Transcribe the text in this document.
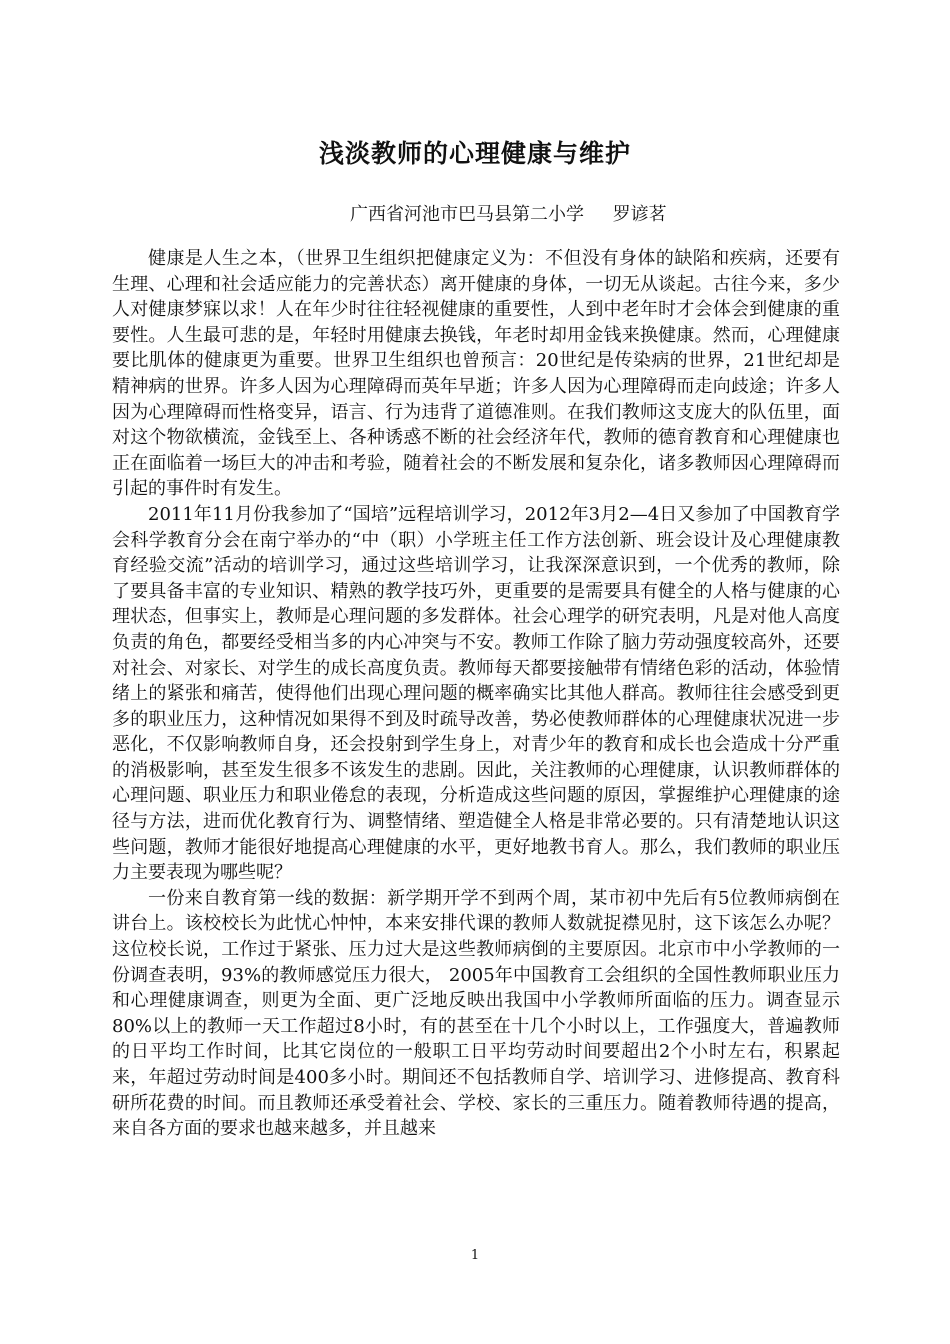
浅淡教师的心理健康与维护
广西省河池市巴马县第二小学     罗谚茗

健康是人生之本，（世界卫生组织把健康定义为：不但没有身体的缺陷和疾病，还要有生理、心理和社会适应能力的完善状态）离开健康的身体，一切无从谈起。古往今来，多少人对健康梦寐以求！人在年少时往往轻视健康的重要性，人到中老年时才会体会到健康的重要性。人生最可悲的是，年轻时用健康去换钱，年老时却用金钱来换健康。然而，心理健康要比肌体的健康更为重要。世界卫生组织也曾预言：20世纪是传染病的世界，21世纪却是精神病的世界。许多人因为心理障碍而英年早逝；许多人因为心理障碍而走向歧途；许多人因为心理障碍而性格变异，语言、行为违背了道德准则。在我们教师这支庞大的队伍里，面对这个物欲横流，金钱至上、各种诱惑不断的社会经济年代，教师的德育教育和心理健康也正在面临着一场巨大的冲击和考验，随着社会的不断发展和复杂化，诸多教师因心理障碍而引起的事件时有发生。

2011年11月份我参加了“国培”远程培训学习，2012年3月2—4日又参加了中国教育学会科学教育分会在南宁举办的“中（职）小学班主任工作方法创新、班会设计及心理健康教育经验交流”活动的培训学习，通过这些培训学习，让我深深意识到，一个优秀的教师，除了要具备丰富的专业知识、精熟的教学技巧外，更重要的是需要具有健全的人格与健康的心理状态，但事实上，教师是心理问题的多发群体。社会心理学的研究表明，凡是对他人高度负责的角色，都要经受相当多的内心冲突与不安。教师工作除了脑力劳动强度较高外，还要对社会、对家长、对学生的成长高度负责。教师每天都要接触带有情绪色彩的活动，体验情绪上的紧张和痛苦，使得他们出现心理问题的概率确实比其他人群高。教师往往会感受到更多的职业压力，这种情况如果得不到及时疏导改善，势必使教师群体的心理健康状况进一步恶化，不仅影响教师自身，还会投射到学生身上，对青少年的教育和成长也会造成十分严重的消极影响，甚至发生很多不该发生的悲剧。因此，关注教师的心理健康，认识教师群体的心理问题、职业压力和职业倦怠的表现，分析造成这些问题的原因，掌握维护心理健康的途径与方法，进而优化教育行为、调整情绪、塑造健全人格是非常必要的。只有清楚地认识这些问题，教师才能很好地提高心理健康的水平，更好地教书育人。那么，我们教师的职业压力主要表现为哪些呢？

一份来自教育第一线的数据：新学期开学不到两个周，某市初中先后有5位教师病倒在讲台上。该校校长为此忧心忡忡，本来安排代课的教师人数就捉襟见肘，这下该怎么办呢？这位校长说，工作过于紧张、压力过大是这些教师病倒的主要原因。北京市中小学教师的一份调查表明，93%的教师感觉压力很大， 2005年中国教育工会组织的全国性教师职业压力和心理健康调查，则更为全面、更广泛地反映出我国中小学教师所面临的压力。调查显示80%以上的教师一天工作超过8小时，有的甚至在十几个小时以上，工作强度大，普遍教师的日平均工作时间，比其它岗位的一般职工日平均劳动时间要超出2个小时左右，积累起来，年超过劳动时间是400多小时。期间还不包括教师自学、培训学习、进修提高、教育科研所花费的时间。而且教师还承受着社会、学校、家长的三重压力。随着教师待遇的提高，来自各方面的要求也越来越多，并且越来

1
